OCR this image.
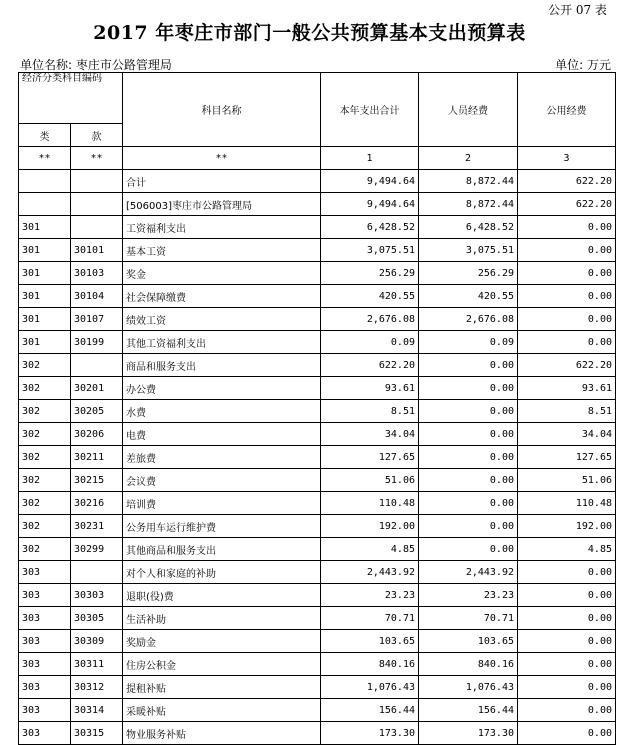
公开 07 表
2017 年枣庄市部门一般公共预算基本支出预算表
单位名称: 枣庄市公路管理局	单位: 万元
经济分类科目编码		科目名称	本年支出合计	人员经费	公用经费
类	款				
**	**	**	1	2	3
		合计	9,494.64	8,872.44	622.20
		[506003]枣庄市公路管理局	9,494.64	8,872.44	622.20
301		工资福利支出	6,428.52	6,428.52	0.00
301	30101	基本工资	3,075.51	3,075.51	0.00
301	30103	奖金	256.29	256.29	0.00
301	30104	社会保障缴费	420.55	420.55	0.00
301	30107	绩效工资	2,676.08	2,676.08	0.00
301	30199	其他工资福利支出	0.09	0.09	0.00
302		商品和服务支出	622.20	0.00	622.20
302	30201	办公费	93.61	0.00	93.61
302	30205	水费	8.51	0.00	8.51
302	30206	电费	34.04	0.00	34.04
302	30211	差旅费	127.65	0.00	127.65
302	30215	会议费	51.06	0.00	51.06
302	30216	培训费	110.48	0.00	110.48
302	30231	公务用车运行维护费	192.00	0.00	192.00
302	30299	其他商品和服务支出	4.85	0.00	4.85
303		对个人和家庭的补助	2,443.92	2,443.92	0.00
303	30303	退职(役)费	23.23	23.23	0.00
303	30305	生活补助	70.71	70.71	0.00
303	30309	奖励金	103.65	103.65	0.00
303	30311	住房公积金	840.16	840.16	0.00
303	30312	提租补贴	1,076.43	1,076.43	0.00
303	30314	采暖补贴	156.44	156.44	0.00
303	30315	物业服务补贴	173.30	173.30	0.00
